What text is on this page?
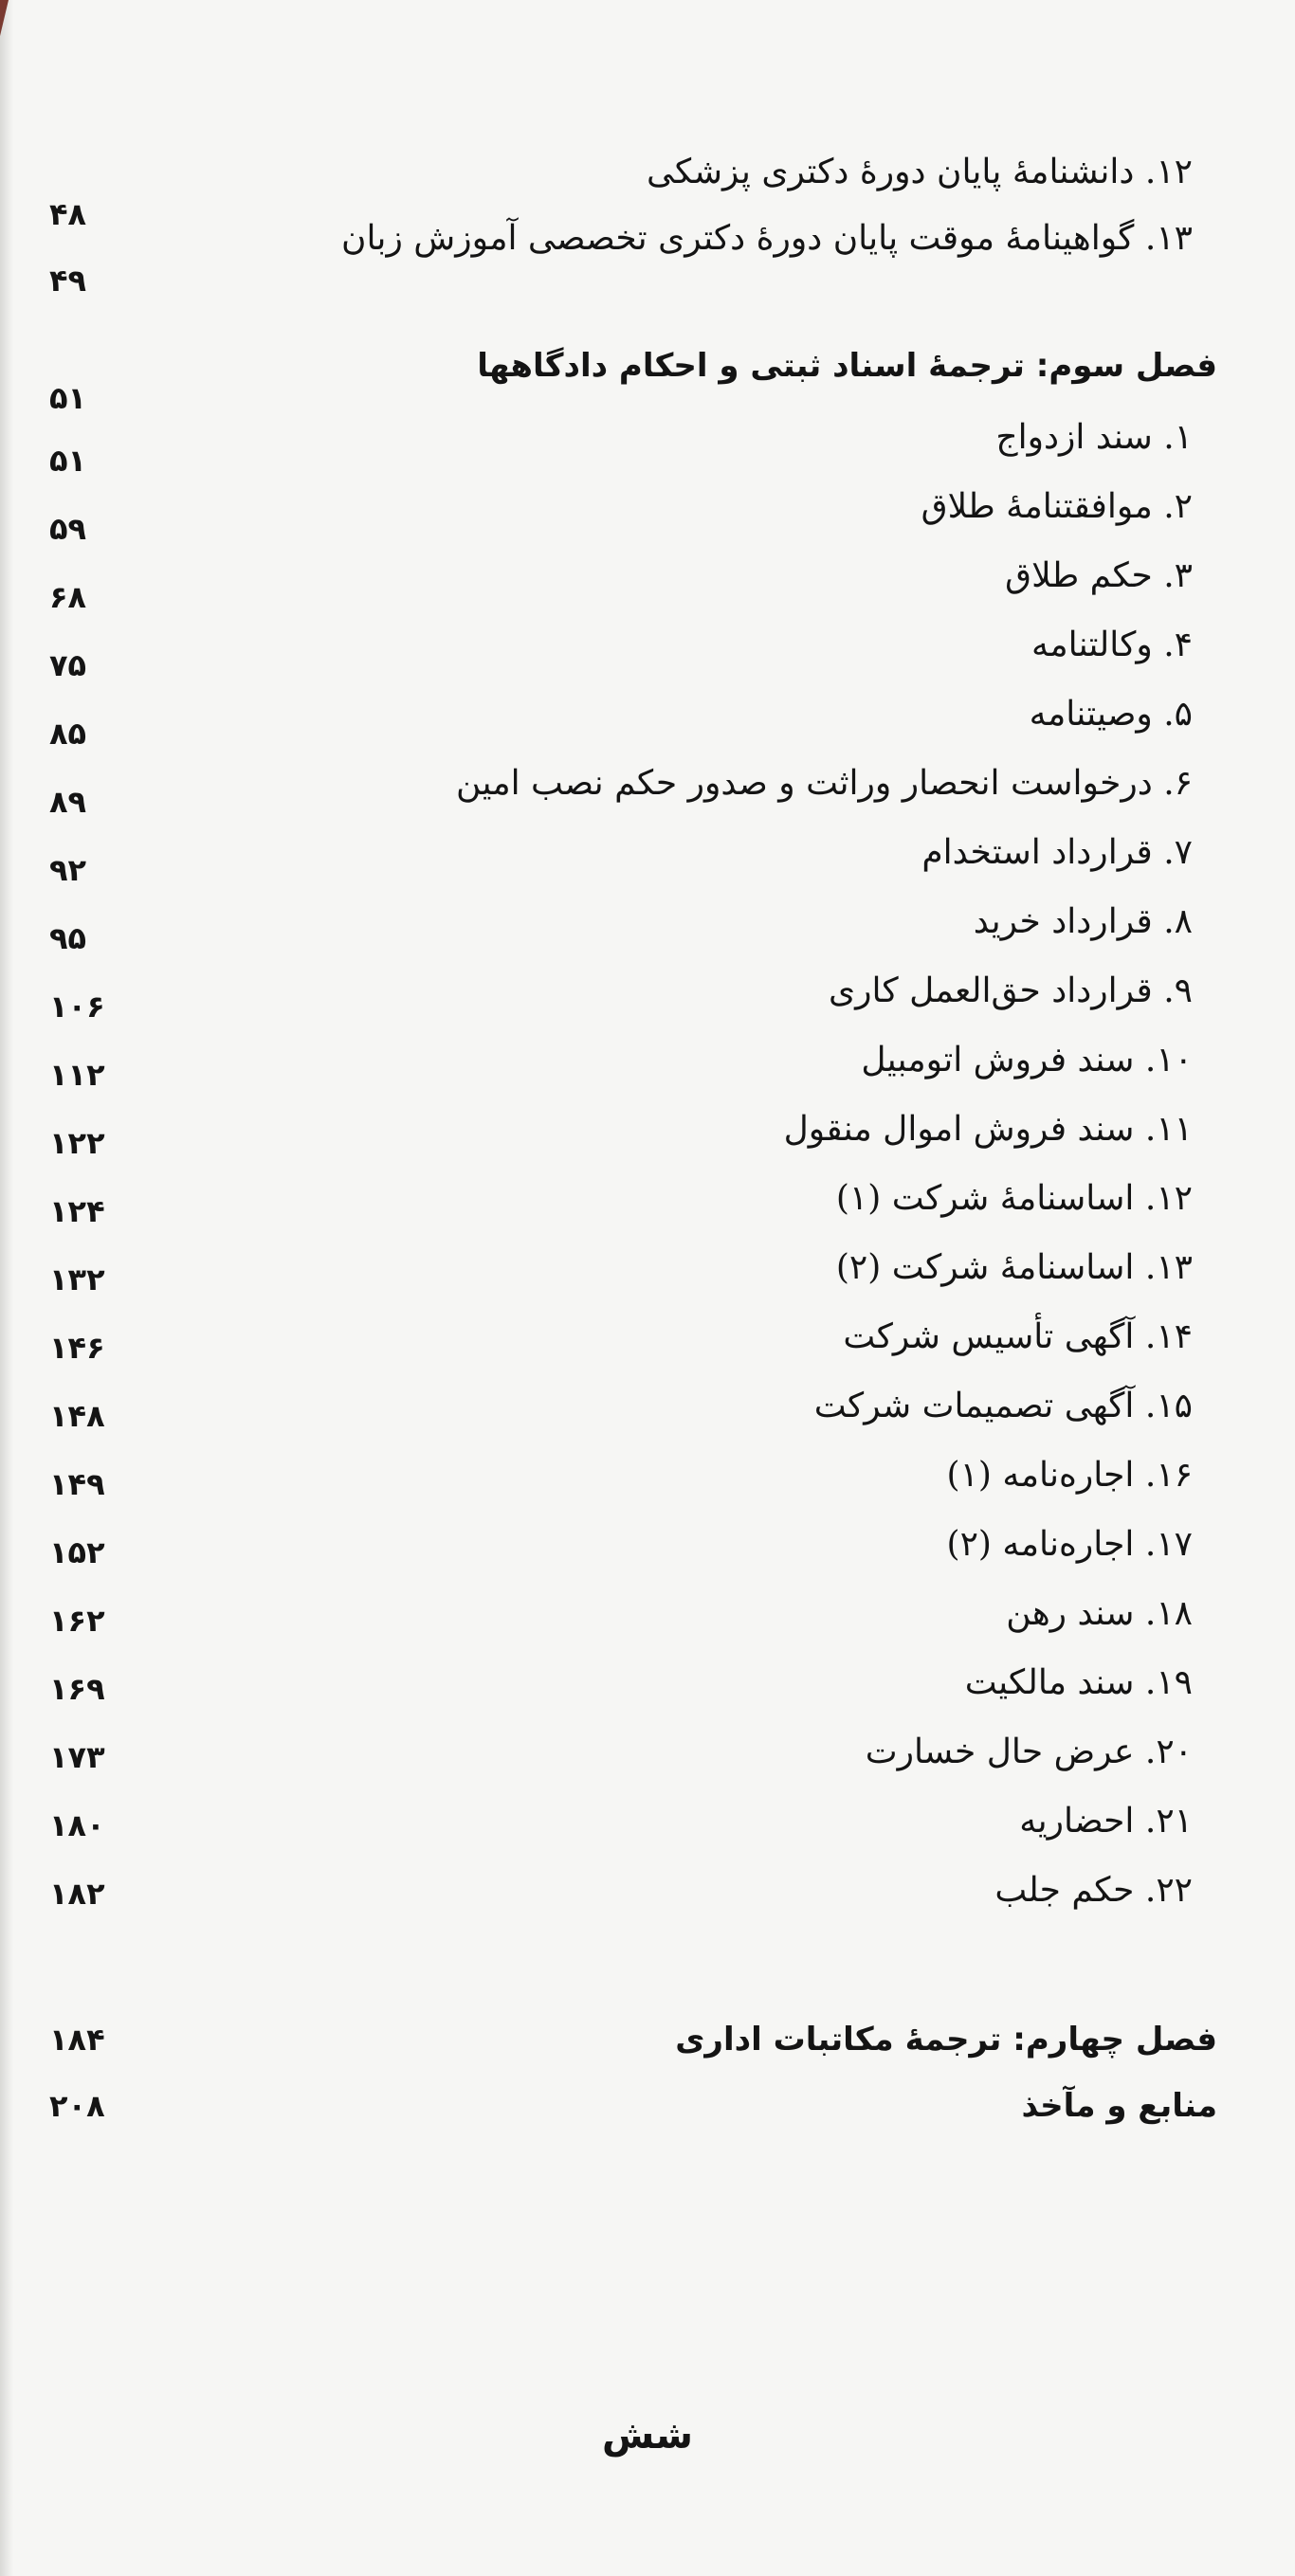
۱۲. دانشنامهٔ پایان دورهٔ دکتری پزشکی
۴۸
۱۳. گواهینامهٔ موقت پایان دورهٔ دکتری تخصصی آموزش زبان
۴۹
فصل سوم: ترجمهٔ اسناد ثبتی و احکام دادگاهها
۵۱
۱. سند ازدواج
۵۱
۲. موافقتنامهٔ طلاق
۵۹
۳. حکم طلاق
۶۸
۴. وکالتنامه
۷۵
۵. وصیتنامه
۸۵
۶. درخواست انحصار وراثت و صدور حکم نصب امین
۸۹
۷. قرارداد استخدام
۹۲
۸. قرارداد خرید
۹۵
۹. قرارداد حق‌العمل کاری
۱۰۶
۱۰. سند فروش اتومبیل
۱۱۲
۱۱. سند فروش اموال منقول
۱۲۲
۱۲. اساسنامهٔ شرکت (۱)
۱۲۴
۱۳. اساسنامهٔ شرکت (۲)
۱۳۲
۱۴. آگهی تأسیس شرکت
۱۴۶
۱۵. آگهی تصمیمات شرکت
۱۴۸
۱۶. اجاره‌نامه (۱)
۱۴۹
۱۷. اجاره‌نامه (۲)
۱۵۲
۱۸. سند رهن
۱۶۲
۱۹. سند مالکیت
۱۶۹
۲۰. عرض حال خسارت
۱۷۳
۲۱. احضاریه
۱۸۰
۲۲. حکم جلب
۱۸۲
فصل چهارم: ترجمهٔ مکاتبات اداری
۱۸۴
منابع و مآخذ
۲۰۸
شش
